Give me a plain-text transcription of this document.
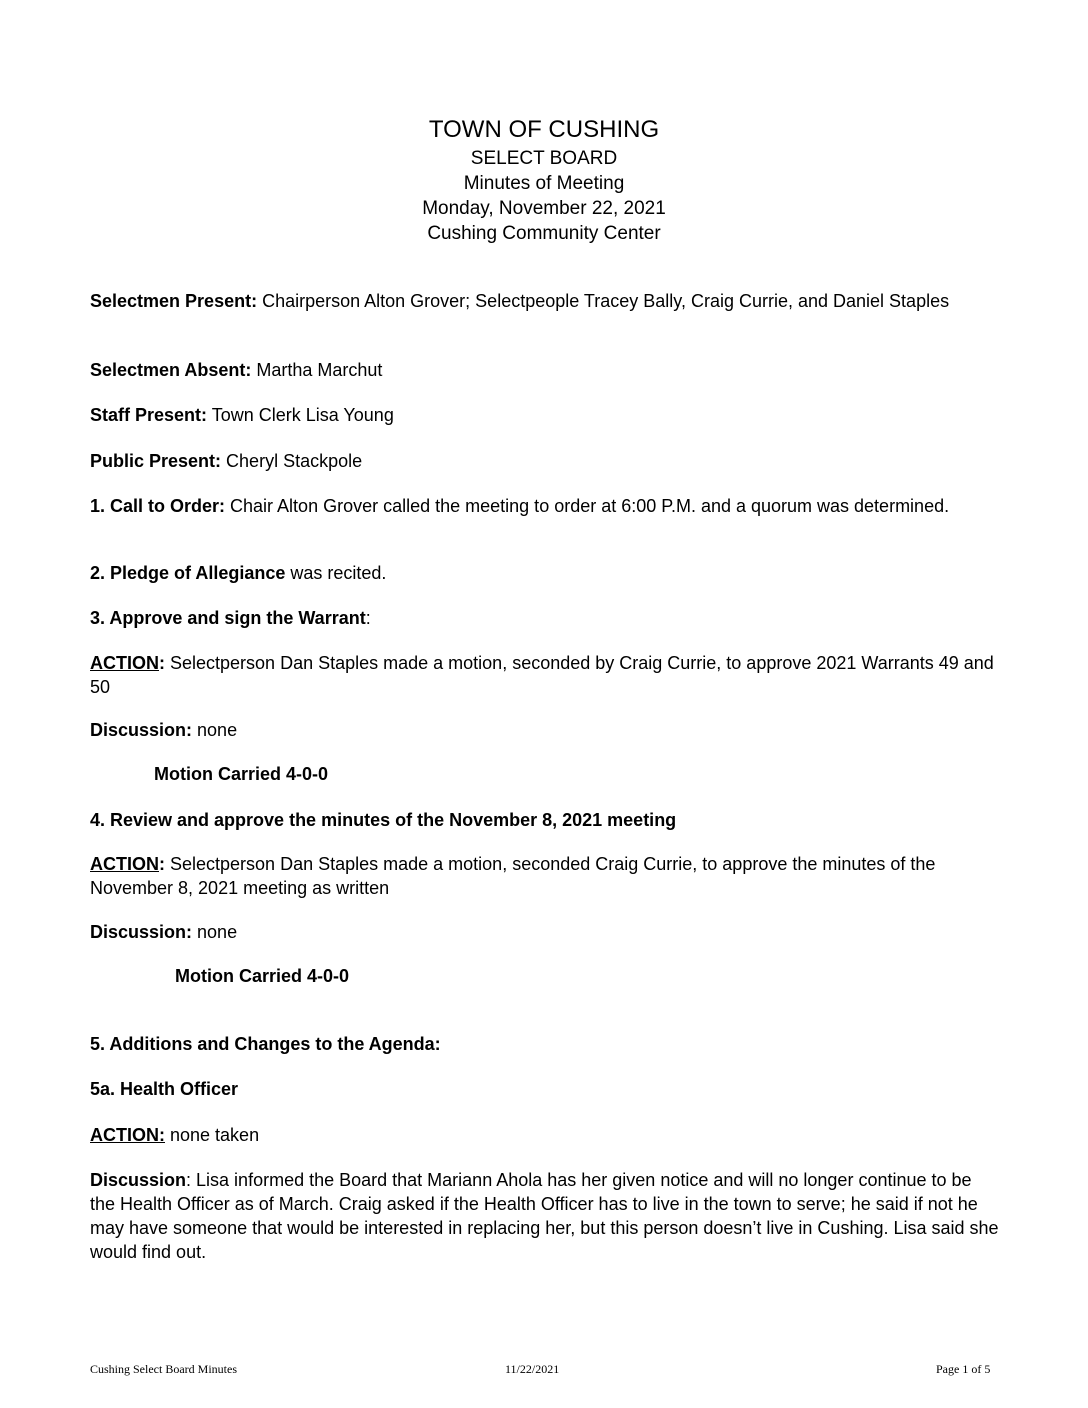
TOWN OF CUSHING
SELECT BOARD
Minutes of Meeting
Monday, November 22, 2021
Cushing Community Center
Selectmen Present: Chairperson Alton Grover; Selectpeople Tracey Bally, Craig Currie, and Daniel Staples
Selectmen Absent: Martha Marchut
Staff Present: Town Clerk Lisa Young
Public Present: Cheryl Stackpole
1. Call to Order: Chair Alton Grover called the meeting to order at 6:00 P.M. and a quorum was determined.
2. Pledge of Allegiance was recited.
3. Approve and sign the Warrant:
ACTION: Selectperson Dan Staples made a motion, seconded by Craig Currie, to approve 2021 Warrants 49 and 50
Discussion: none
Motion Carried 4-0-0
4. Review and approve the minutes of the November 8, 2021 meeting
ACTION: Selectperson Dan Staples made a motion, seconded Craig Currie, to approve the minutes of the November 8, 2021 meeting as written
Discussion: none
Motion Carried 4-0-0
5. Additions and Changes to the Agenda:
5a. Health Officer
ACTION: none taken
Discussion: Lisa informed the Board that Mariann Ahola has her given notice and will no longer continue to be the Health Officer as of March. Craig asked if the Health Officer has to live in the town to serve; he said if not he may have someone that would be interested in replacing her, but this person doesn’t live in Cushing. Lisa said she would find out.
Cushing Select Board Minutes	11/22/2021	Page 1 of 5
